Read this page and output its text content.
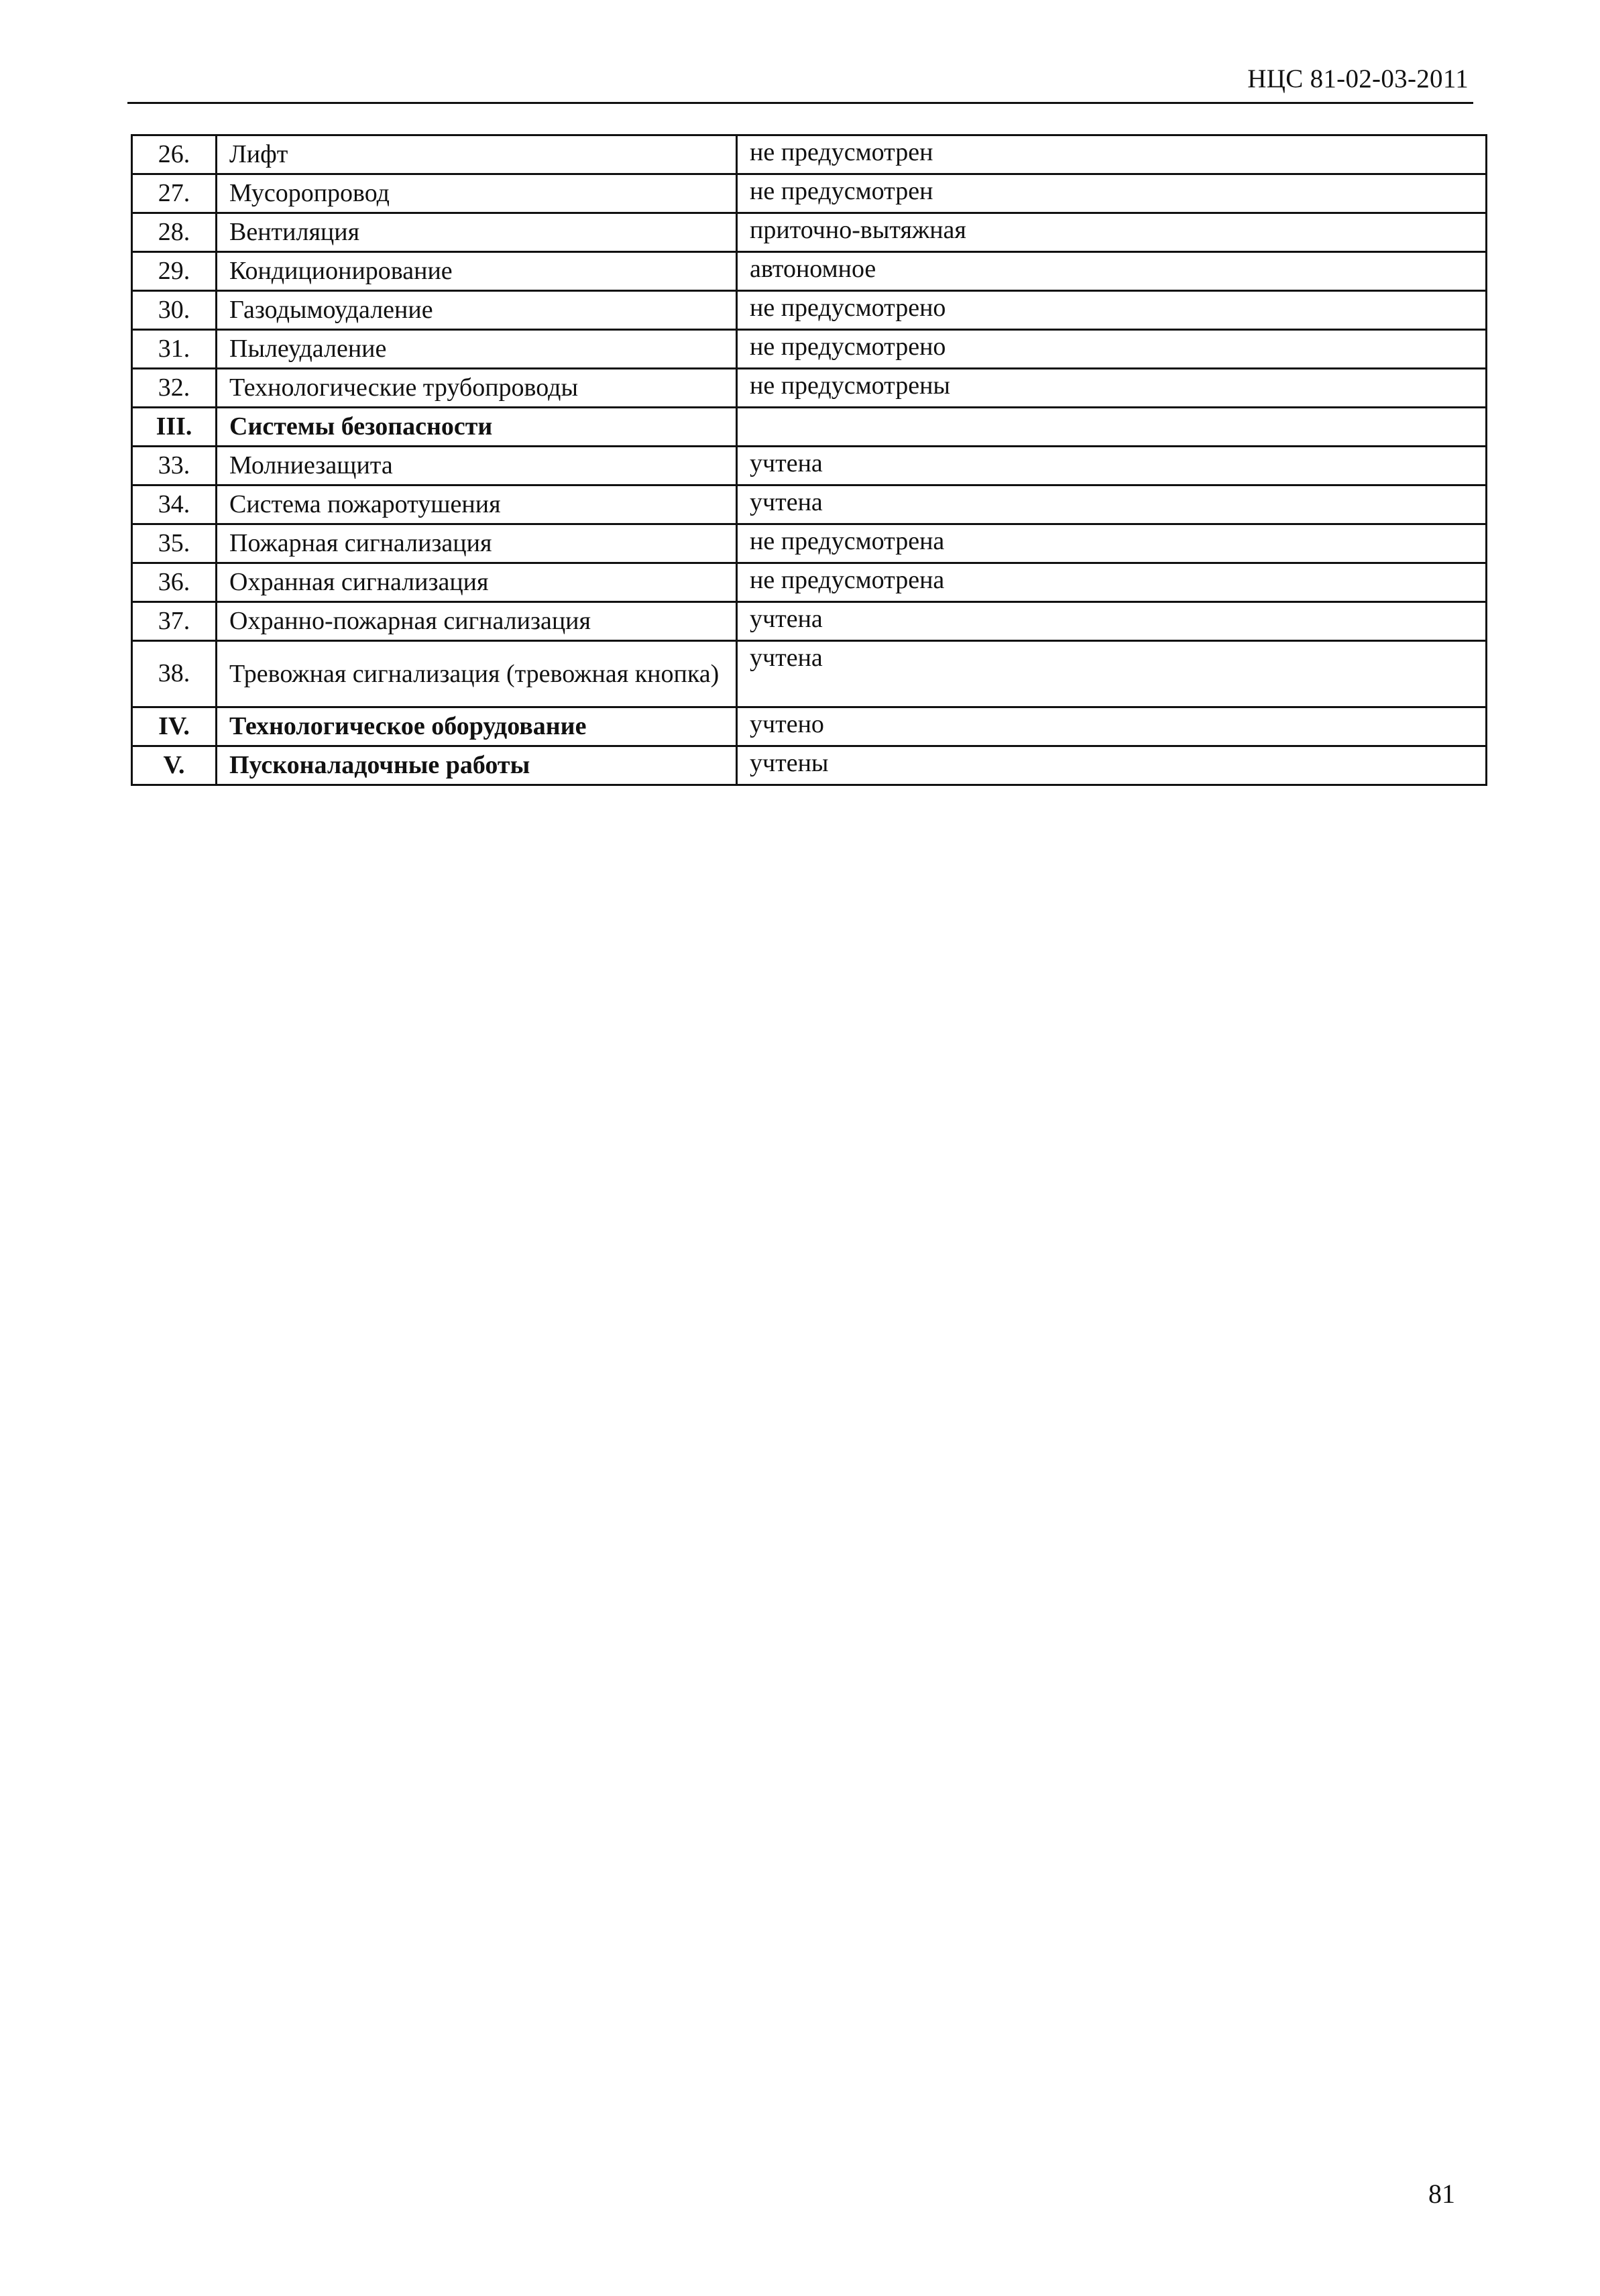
НЦС 81-02-03-2011
26.	Лифт	не предусмотрен
27.	Мусоропровод	не предусмотрен
28.	Вентиляция	приточно-вытяжная
29.	Кондиционирование	автономное
30.	Газодымоудаление	не предусмотрено
31.	Пылеудаление	не предусмотрено
32.	Технологические трубопроводы	не предусмотрены
III.	Системы безопасности	
33.	Молниезащита	учтена
34.	Система пожаротушения	учтена
35.	Пожарная сигнализация	не предусмотрена
36.	Охранная сигнализация	не предусмотрена
37.	Охранно-пожарная сигнализация	учтена
38.	Тревожная сигнализация (тревожная кнопка)	учтена
IV.	Технологическое оборудование	учтено
V.	Пусконаладочные работы	учтены
81
